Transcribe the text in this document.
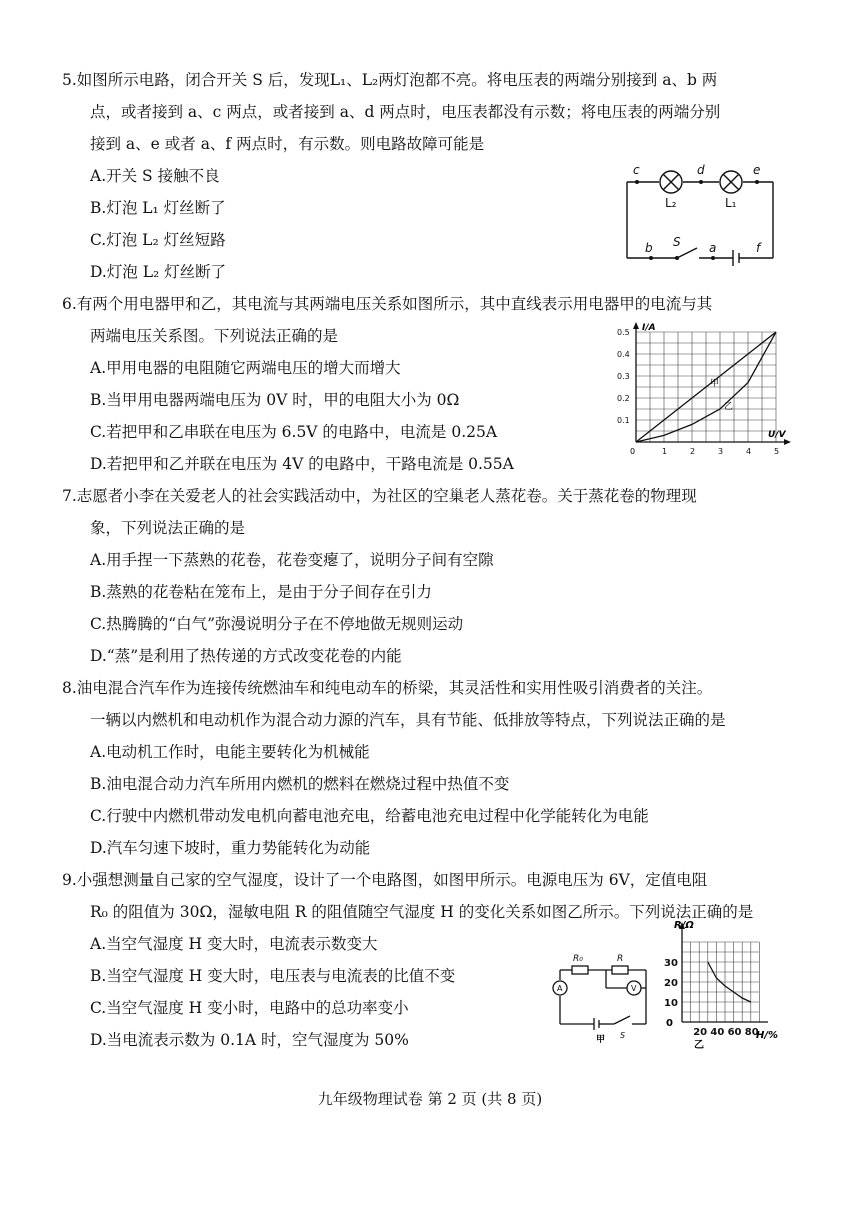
5.如图所示电路，闭合开关 S 后，发现L₁、L₂两灯泡都不亮。将电压表的两端分别接到 a、b 两
点，或者接到 a、c 两点，或者接到 a、d 两点时，电压表都没有示数；将电压表的两端分别
接到 a、e 或者 a、f 两点时，有示数。则电路故障可能是
A.开关 S 接触不良
B.灯泡 L₁ 灯丝断了
C.灯泡 L₂ 灯丝短路
D.灯泡 L₂ 灯丝断了
c	d	e
b S a	f
L₂	L₁
6.有两个用电器甲和乙，其电流与其两端电压关系如图所示，其中直线表示用电器甲的电流与其
两端电压关系图。下列说法正确的是
A.甲用电器的电阻随它两端电压的增大而增大
B.当甲用电器两端电压为 0V 时，甲的电阻大小为 0Ω
C.若把甲和乙串联在电压为 6.5V 的电路中，电流是 0.25A
D.若把甲和乙并联在电压为 4V 的电路中，干路电流是 0.55A
1	2	3	4	5
0.1
0.2
0.3
0.4
0.5 I/A
U/V
0
甲
乙
7.志愿者小李在关爱老人的社会实践活动中，为社区的空巢老人蒸花卷。关于蒸花卷的物理现
象，下列说法正确的是
A.用手捏一下蒸熟的花卷，花卷变瘪了，说明分子间有空隙
B.蒸熟的花卷粘在笼布上，是由于分子间存在引力
C.热腾腾的“白气”弥漫说明分子在不停地做无规则运动
D.“蒸”是利用了热传递的方式改变花卷的内能
8.油电混合汽车作为连接传统燃油车和纯电动车的桥梁，其灵活性和实用性吸引消费者的关注。
一辆以内燃机和电动机作为混合动力源的汽车，具有节能、低排放等特点，下列说法正确的是
A.电动机工作时，电能主要转化为机械能
B.油电混合动力汽车所用内燃机的燃料在燃烧过程中热值不变
C.行驶中内燃机带动发电机向蓄电池充电，给蓄电池充电过程中化学能转化为电能
D.汽车匀速下坡时，重力势能转化为动能
9.小强想测量自己家的空气湿度，设计了一个电路图，如图甲所示。电源电压为 6V，定值电阻
R₀ 的阻值为 30Ω，湿敏电阻 R 的阻值随空气湿度 H 的变化关系如图乙所示。下列说法正确的是
A.当空气湿度 H 变大时，电流表示数变大
B.当空气湿度 H 变大时，电压表与电流表的比值不变
C.当空气湿度 H 变小时，电路中的总功率变小
D.当电流表示数为 0.1A 时，空气湿度为 50%
R₀	R
A	V
S
甲
10
20
30
20 40 60 80
R/Ω
H/%
0
乙
九年级物理试卷 第 2 页 (共 8 页)
